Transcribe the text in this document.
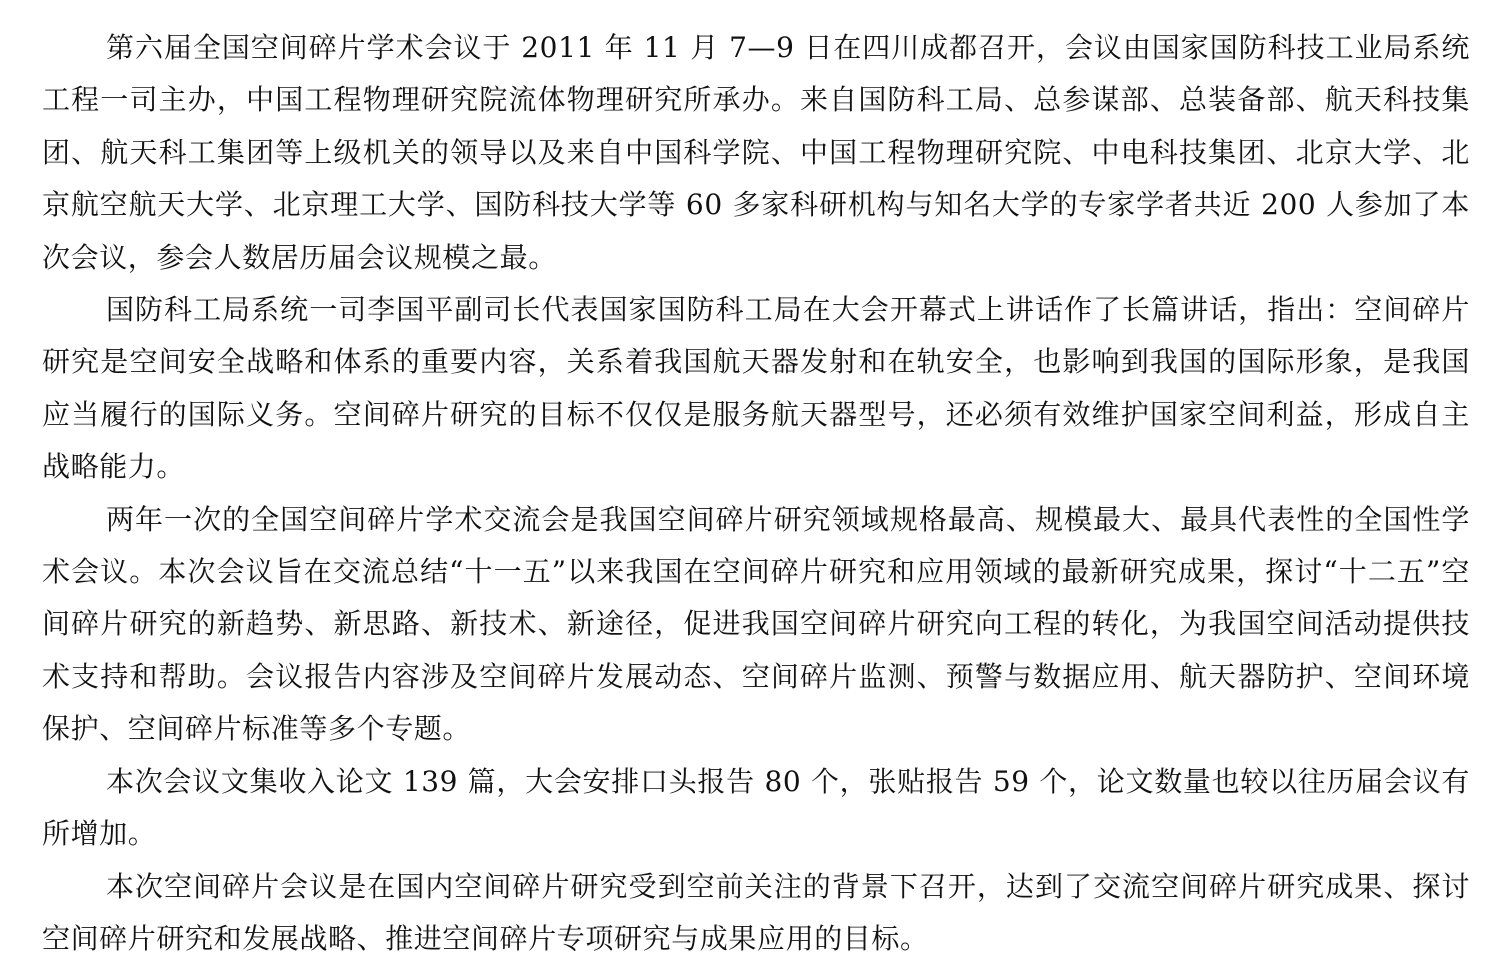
第六届全国空间碎片学术会议于 2011 年 11 月 7—9 日在四川成都召开，会议由国家国防科技工业局系统工程一司主办，中国工程物理研究院流体物理研究所承办。来自国防科工局、总参谋部、总装备部、航天科技集团、航天科工集团等上级机关的领导以及来自中国科学院、中国工程物理研究院、中电科技集团、北京大学、北京航空航天大学、北京理工大学、国防科技大学等 60 多家科研机构与知名大学的专家学者共近 200 人参加了本次会议，参会人数居历届会议规模之最。

国防科工局系统一司李国平副司长代表国家国防科工局在大会开幕式上讲话作了长篇讲话，指出：空间碎片研究是空间安全战略和体系的重要内容，关系着我国航天器发射和在轨安全，也影响到我国的国际形象，是我国应当履行的国际义务。空间碎片研究的目标不仅仅是服务航天器型号，还必须有效维护国家空间利益，形成自主战略能力。

两年一次的全国空间碎片学术交流会是我国空间碎片研究领域规格最高、规模最大、最具代表性的全国性学术会议。本次会议旨在交流总结“十一五”以来我国在空间碎片研究和应用领域的最新研究成果，探讨“十二五”空间碎片研究的新趋势、新思路、新技术、新途径，促进我国空间碎片研究向工程的转化，为我国空间活动提供技术支持和帮助。会议报告内容涉及空间碎片发展动态、空间碎片监测、预警与数据应用、航天器防护、空间环境保护、空间碎片标准等多个专题。

本次会议文集收入论文 139 篇，大会安排口头报告 80 个，张贴报告 59 个，论文数量也较以往历届会议有所增加。

本次空间碎片会议是在国内空间碎片研究受到空前关注的背景下召开，达到了交流空间碎片研究成果、探讨空间碎片研究和发展战略、推进空间碎片专项研究与成果应用的目标。
